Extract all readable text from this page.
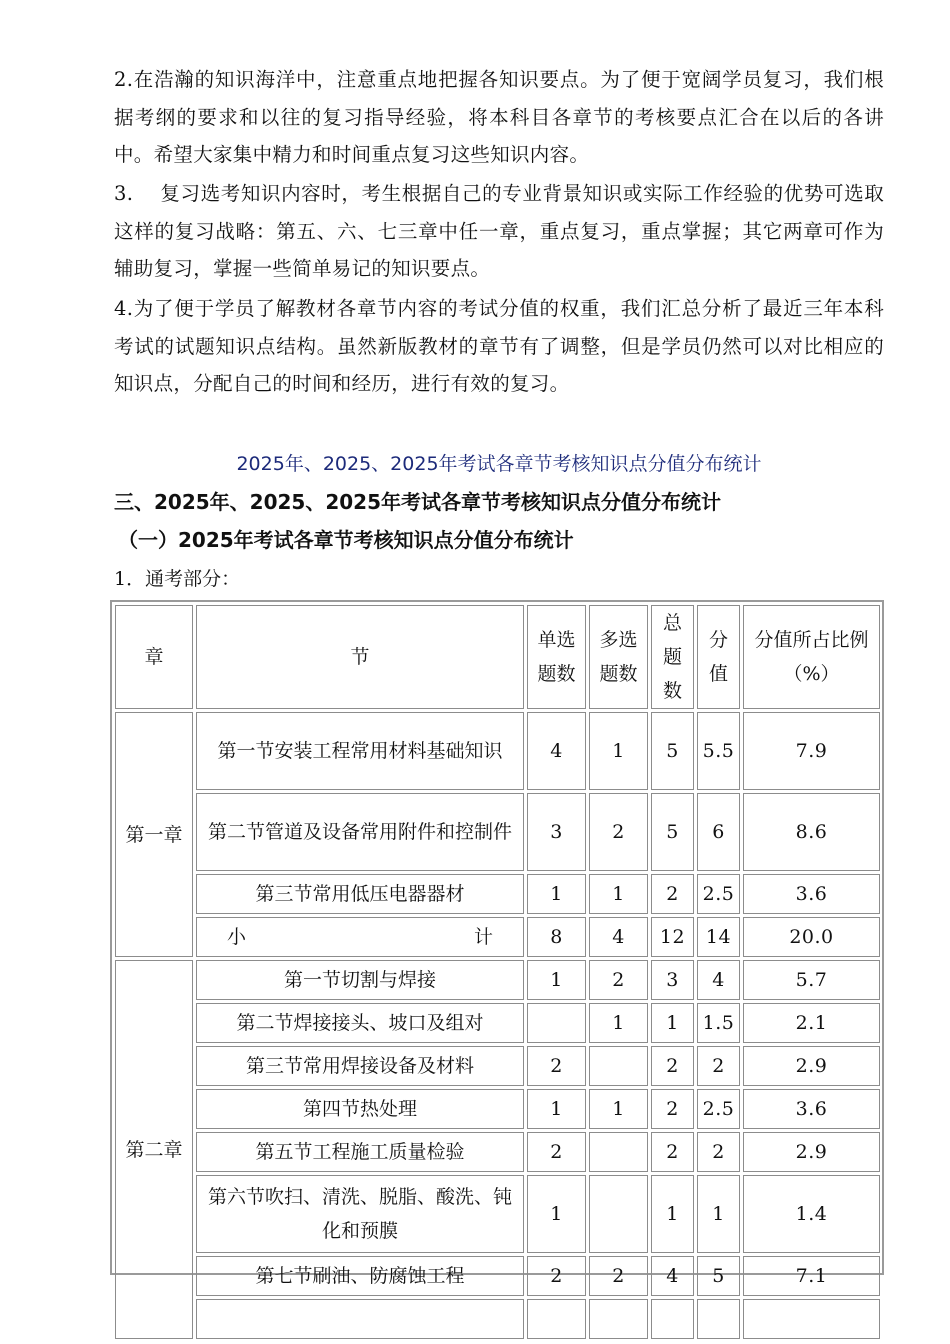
2.在浩瀚的知识海洋中，注意重点地把握各知识要点。为了便于宽阔学员复习，我们根据考纲的要求和以往的复习指导经验，将本科目各章节的考核要点汇合在以后的各讲中。希望大家集中精力和时间重点复习这些知识内容。

3.　 复习选考知识内容时，考生根据自己的专业背景知识或实际工作经验的优势可选取这样的复习战略：第五、六、七三章中任一章，重点复习，重点掌握；其它两章可作为辅助复习，掌握一些简单易记的知识要点。

4.为了便于学员了解教材各章节内容的考试分值的权重，我们汇总分析了最近三年本科考试的试题知识点结构。虽然新版教材的章节有了调整，但是学员仍然可以对比相应的知识点，分配自己的时间和经历，进行有效的复习。

2025年、2025、2025年考试各章节考核知识点分值分布统计
三、2025年、2025、2025年考试各章节考核知识点分值分布统计
（一）2025年考试各章节考核知识点分值分布统计
1．通考部分：
章	节	单选题数	多选题数	总题数	分值	分值所占比例（%）
第一章	第一节安装工程常用材料基础知识	4	1	5	5.5	7.9
	第二节管道及设备常用附件和控制件	3	2	5	6	8.6
	第三节常用低压电器器材	1	1	2	2.5	3.6

	小 计	8	4	12	14	20.0
第二章	第一节切割与焊接	1	2	3	4	5.7
	第二节焊接接头、坡口及组对		1	1	1.5	2.1
	第三节常用焊接设备及材料	2		2	2	2.9
	第四节热处理	1	1	2	2.5	3.6
	第五节工程施工质量检验	2		2	2	2.9
	第六节吹扫、清洗、脱脂、酸洗、钝化和预膜	1		1	1	1.4
	第七节刷油、防腐蚀工程	2	2	4	5	7.1
